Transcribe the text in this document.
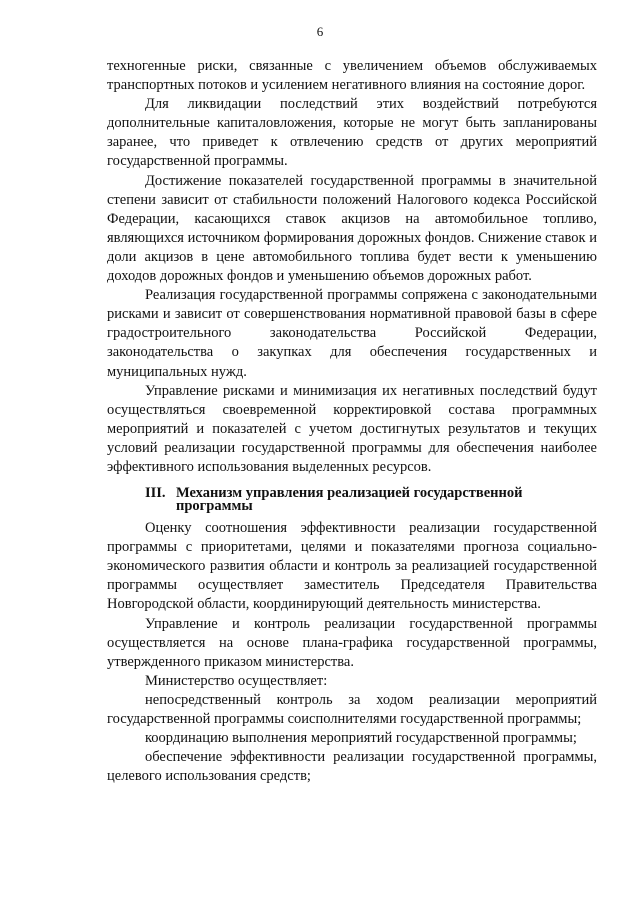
6

техногенные риски, связанные с увеличением объемов обслуживаемых транспортных потоков и усилением негативного влияния на состояние дорог.

Для ликвидации последствий этих воздействий потребуются дополнительные капиталовложения, которые не могут быть запланированы заранее, что приведет к отвлечению средств от других мероприятий государственной программы.

Достижение показателей государственной программы в значительной степени зависит от стабильности положений Налогового кодекса Российской Федерации, касающихся ставок акцизов на автомобильное топливо, являющихся источником формирования дорожных фондов. Снижение ставок и доли акцизов в цене автомобильного топлива будет вести к уменьшению доходов дорожных фондов и уменьшению объемов дорожных работ.

Реализация государственной программы сопряжена с законодательными рисками и зависит от совершенствования нормативной правовой базы в сфере градостроительного законодательства Российской Федерации, законодательства о закупках для обеспечения государственных и муниципальных нужд.

Управление рисками и минимизация их негативных последствий будут осуществляться своевременной корректировкой состава программных мероприятий и показателей с учетом достигнутых результатов и текущих условий реализации государственной программы для обеспечения наиболее эффективного использования выделенных ресурсов.

III. Механизм управления реализацией государственной
программы

Оценку соотношения эффективности реализации государственной программы с приоритетами, целями и показателями прогноза социально-экономического развития области и контроль за реализацией государственной программы осуществляет заместитель Председателя Правительства Новгородской области, координирующий деятельность министерства.

Управление и контроль реализации государственной программы осуществляется на основе плана-графика государственной программы, утвержденного приказом министерства.

Министерство осуществляет:

непосредственный контроль за ходом реализации мероприятий государственной программы соисполнителями государственной программы;

координацию выполнения мероприятий государственной программы;

обеспечение эффективности реализации государственной программы, целевого использования средств;
